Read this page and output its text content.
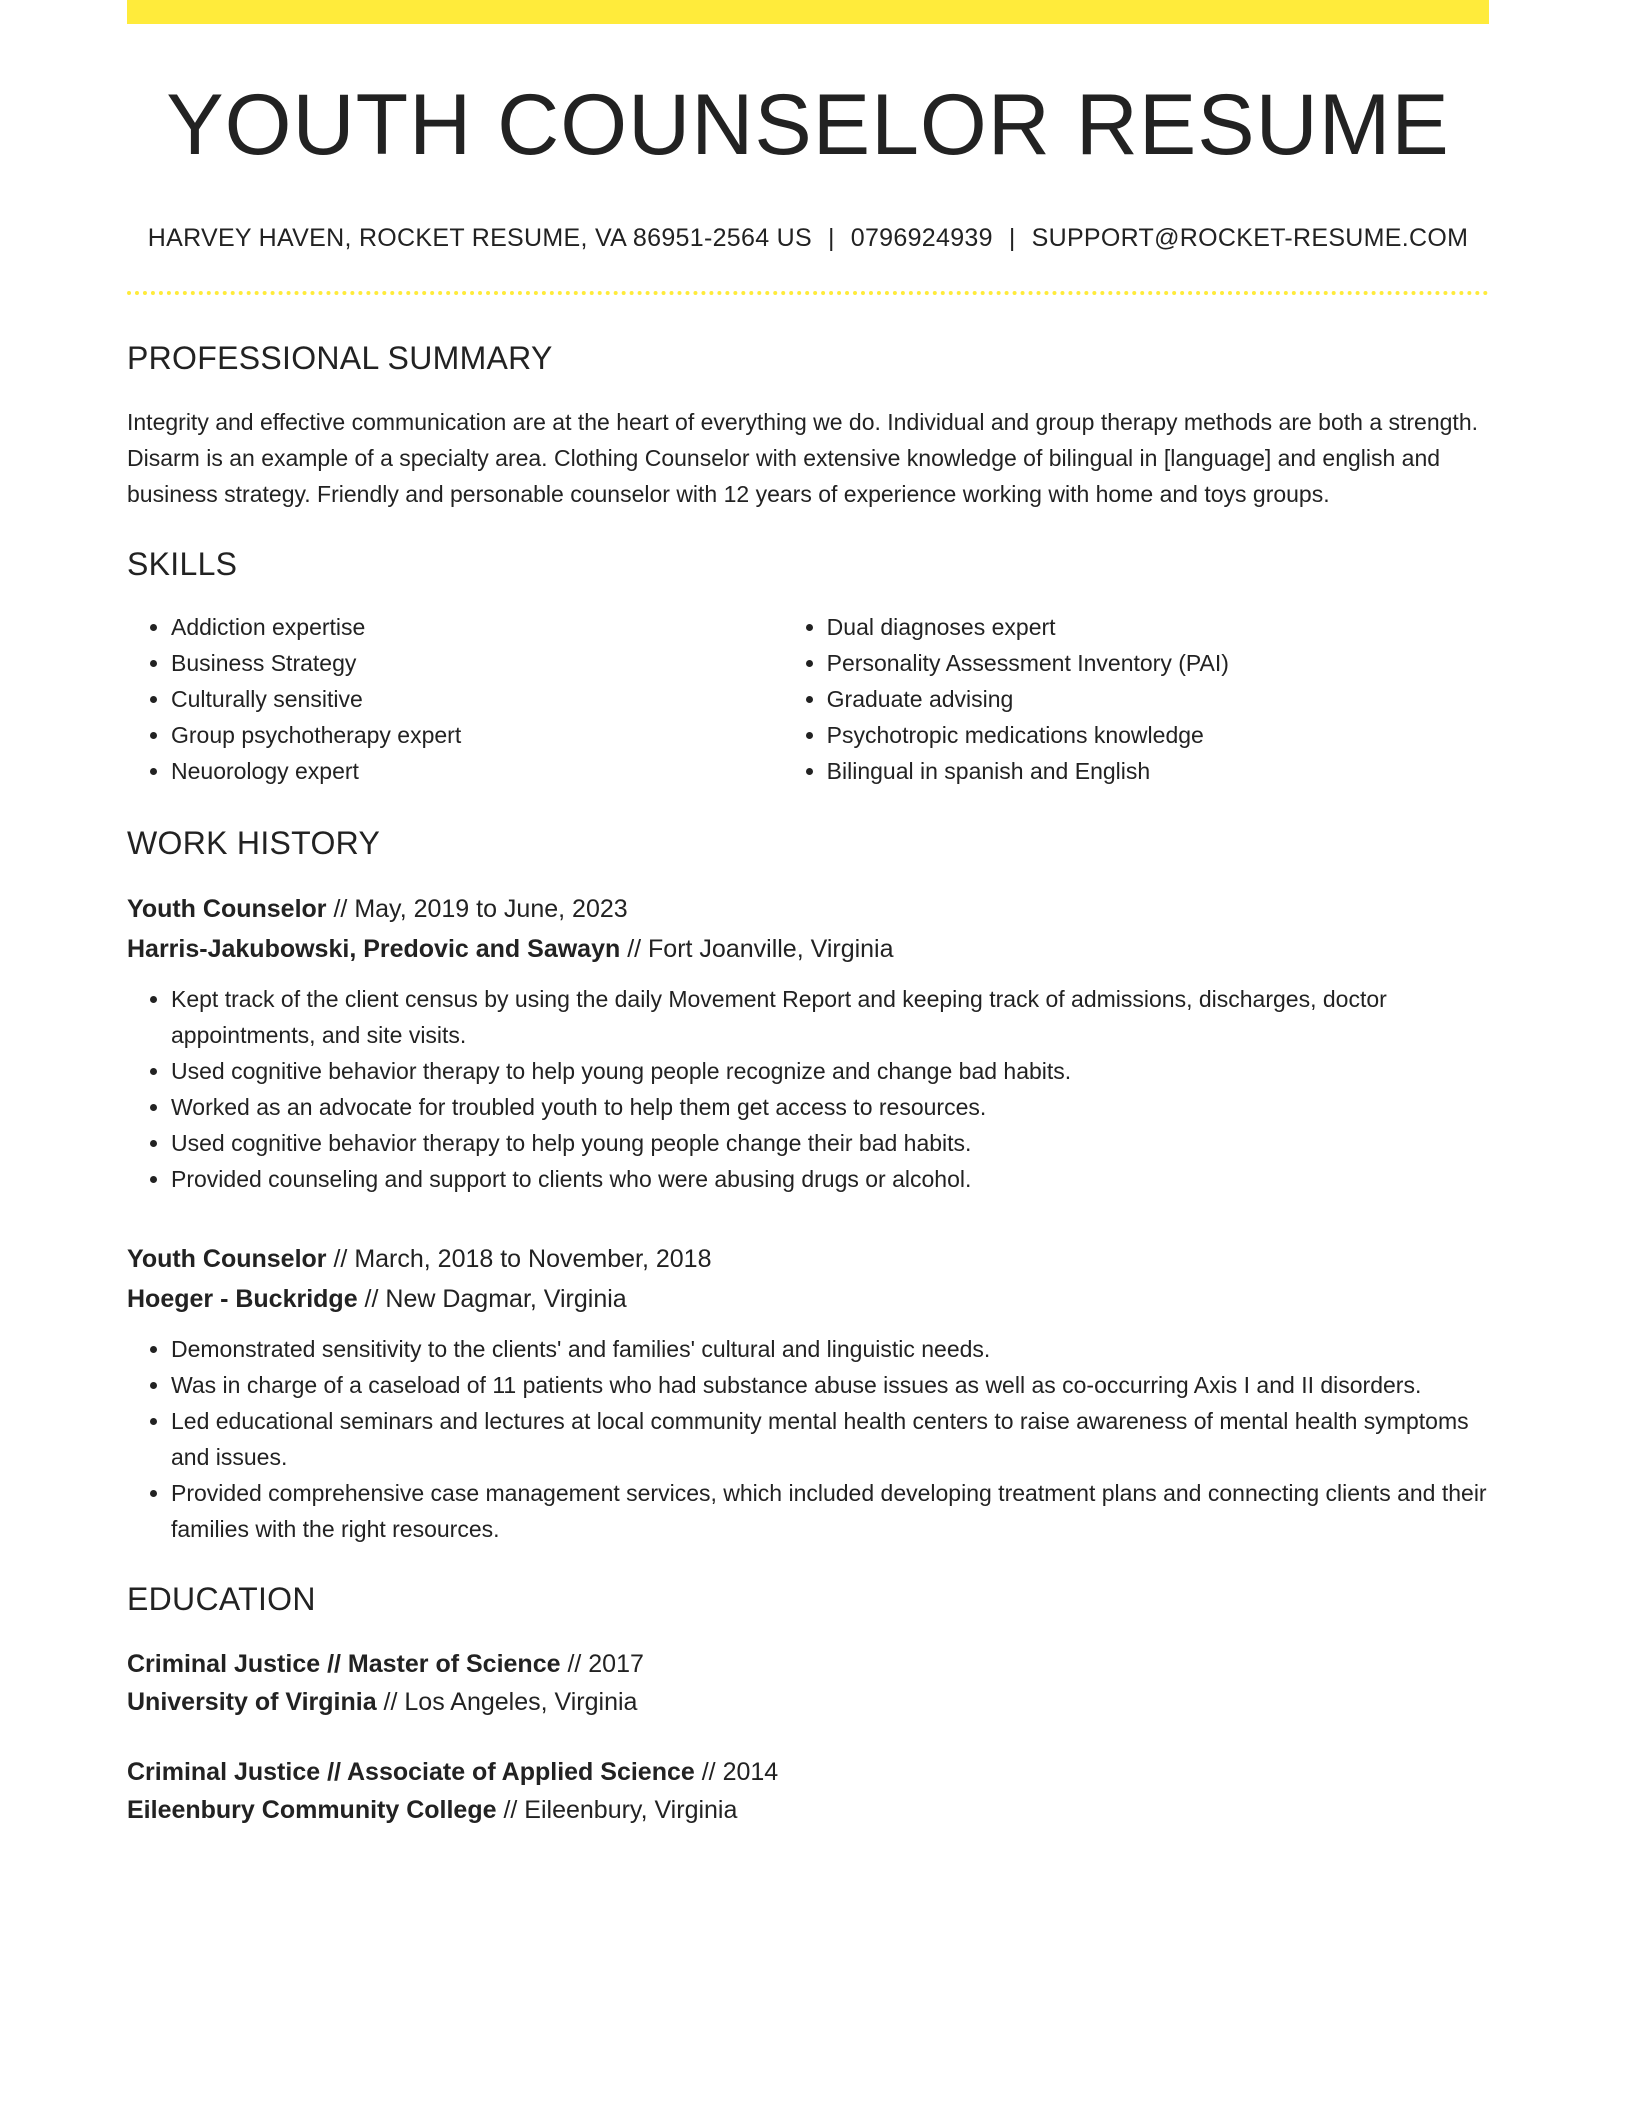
YOUTH COUNSELOR RESUME
HARVEY HAVEN, ROCKET RESUME, VA 86951-2564 US | 0796924939 | SUPPORT@ROCKET-RESUME.COM
PROFESSIONAL SUMMARY

Integrity and effective communication are at the heart of everything we do. Individual and group therapy methods are both a strength. Disarm is an example of a specialty area. Clothing Counselor with extensive knowledge of bilingual in [language] and english and business strategy. Friendly and personable counselor with 12 years of experience working with home and toys groups.

SKILLS
• Addiction expertise
• Business Strategy
• Culturally sensitive
• Group psychotherapy expert
• Neuorology expert
• Dual diagnoses expert
• Personality Assessment Inventory (PAI)
• Graduate advising
• Psychotropic medications knowledge
• Bilingual in spanish and English
WORK HISTORY
Youth Counselor // May, 2019 to June, 2023
Harris-Jakubowski, Predovic and Sawayn // Fort Joanville, Virginia
• Kept track of the client census by using the daily Movement Report and keeping track of admissions, discharges, doctor appointments, and site visits.
• Used cognitive behavior therapy to help young people recognize and change bad habits.
• Worked as an advocate for troubled youth to help them get access to resources.
• Used cognitive behavior therapy to help young people change their bad habits.
• Provided counseling and support to clients who were abusing drugs or alcohol.
Youth Counselor // March, 2018 to November, 2018
Hoeger - Buckridge // New Dagmar, Virginia
• Demonstrated sensitivity to the clients' and families' cultural and linguistic needs.
• Was in charge of a caseload of 11 patients who had substance abuse issues as well as co-occurring Axis I and II disorders.
• Led educational seminars and lectures at local community mental health centers to raise awareness of mental health symptoms and issues.
• Provided comprehensive case management services, which included developing treatment plans and connecting clients and their families with the right resources.
EDUCATION
Criminal Justice // Master of Science // 2017
University of Virginia // Los Angeles, Virginia
Criminal Justice // Associate of Applied Science // 2014
Eileenbury Community College // Eileenbury, Virginia
